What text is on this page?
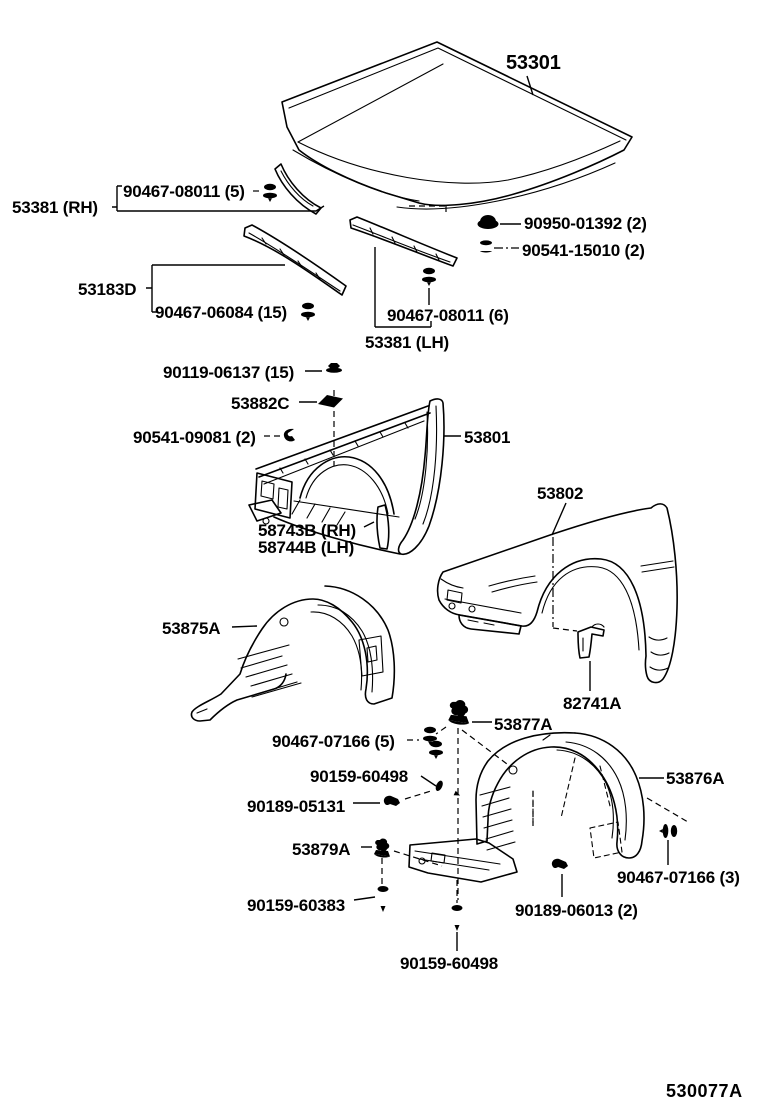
53301
90467-08011 (5)
53381 (RH)
90950-01392 (2)
90541-15010 (2)
53183D
90467-06084 (15)	90467-08011 (6)
53381 (LH)
90119-06137 (15)
53882C
90541-09081 (2)	53801
53802
58743B (RH)
58744B (LH)
53875A
82741A
53877A
90467-07166 (5)
90159-60498	53876A
90189-05131
53879A
90467-07166 (3)
90159-60383	90189-06013 (2)
90159-60498
530077A
